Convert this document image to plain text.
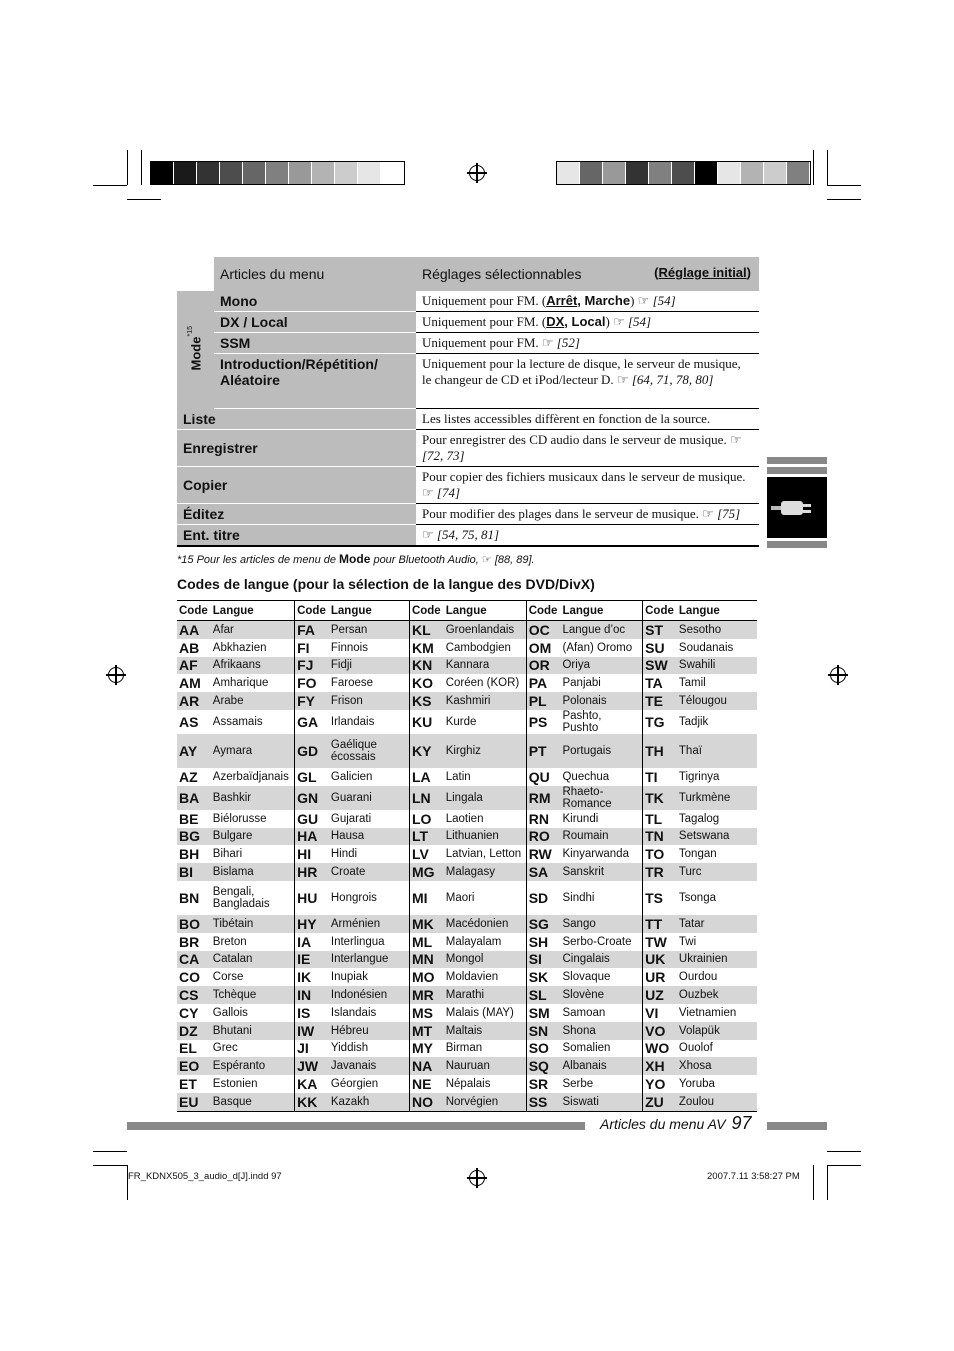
	Articles du menu	Réglages sélectionnables (Réglage initial)

Mode$^{*15}$	Mono	Uniquement pour FM. (Arrêt, Marche) ☞ [54]
	DX / Local	Uniquement pour FM. (DX, Local) ☞ [54]
	SSM	Uniquement pour FM. ☞ [52]
	Introduction/Répétition/ Aléatoire	Uniquement pour la lecture de disque, le serveur de musique, le changeur de CD et iPod/lecteur D. ☞ [64, 71, 78, 80]
Liste		Les listes accessibles diffèrent en fonction de la source.
Enregistrer		Pour enregistrer des CD audio dans le serveur de musique. ☞ [72, 73]
Copier		Pour copier des fichiers musicaux dans le serveur de musique. ☞ [74]
Éditez		Pour modifier des plages dans le serveur de musique. ☞ [75]
Ent. titre		☞ [54, 75, 81]
*15 Pour les articles de menu de Mode pour Bluetooth Audio, ☞ [88, 89].
Codes de langue (pour la sélection de la langue des DVD/DivX)
Code	Langue	Code	Langue	Code	Langue	Code	Langue	Code	Langue
AA	Afar	FA	Persan	KL	Groenlandais	OC	Langue d’oc	ST	Sesotho
AB	Abkhazien	FI	Finnois	KM	Cambodgien	OM	(Afan) Oromo	SU	Soudanais
AF	Afrikaans	FJ	Fidji	KN	Kannara	OR	Oriya	SW	Swahili
AM	Amharique	FO	Faroese	KO	Coréen (KOR)	PA	Panjabi	TA	Tamil
AR	Arabe	FY	Frison	KS	Kashmiri	PL	Polonais	TE	Télougou
AS	Assamais	GA	Irlandais	KU	Kurde	PS	Pashto, Pushto	TG	Tadjik
AY	Aymara	GD	Gaélique écossais	KY	Kirghiz	PT	Portugais	TH	Thaï
AZ	Azerbaïdjanais	GL	Galicien	LA	Latin	QU	Quechua	TI	Tigrinya
BA	Bashkir	GN	Guarani	LN	Lingala	RM	Rhaeto-Romance	TK	Turkmène
BE	Biélorusse	GU	Gujarati	LO	Laotien	RN	Kirundi	TL	Tagalog
BG	Bulgare	HA	Hausa	LT	Lithuanien	RO	Roumain	TN	Setswana
BH	Bihari	HI	Hindi	LV	Latvian, Letton	RW	Kinyarwanda	TO	Tongan
BI	Bislama	HR	Croate	MG	Malagasy	SA	Sanskrit	TR	Turc
BN	Bengali, Bangladais	HU	Hongrois	MI	Maori	SD	Sindhi	TS	Tsonga
BO	Tibétain	HY	Arménien	MK	Macédonien	SG	Sango	TT	Tatar
BR	Breton	IA	Interlingua	ML	Malayalam	SH	Serbo-Croate	TW	Twi
CA	Catalan	IE	Interlangue	MN	Mongol	SI	Cingalais	UK	Ukrainien
CO	Corse	IK	Inupiak	MO	Moldavien	SK	Slovaque	UR	Ourdou
CS	Tchèque	IN	Indonésien	MR	Marathi	SL	Slovène	UZ	Ouzbek
CY	Gallois	IS	Islandais	MS	Malais (MAY)	SM	Samoan	VI	Vietnamien
DZ	Bhutani	IW	Hébreu	MT	Maltais	SN	Shona	VO	Volapük
EL	Grec	JI	Yiddish	MY	Birman	SO	Somalien	WO	Ouolof
EO	Espéranto	JW	Javanais	NA	Nauruan	SQ	Albanais	XH	Xhosa
ET	Estonien	KA	Géorgien	NE	Népalais	SR	Serbe	YO	Yoruba
EU	Basque	KK	Kazakh	NO	Norvégien	SS	Siswati	ZU	Zoulou
Articles du menu AV 97
FR_KDNX505_3_audio_d[J].indd 97	2007.7.11 3:58:27 PM
